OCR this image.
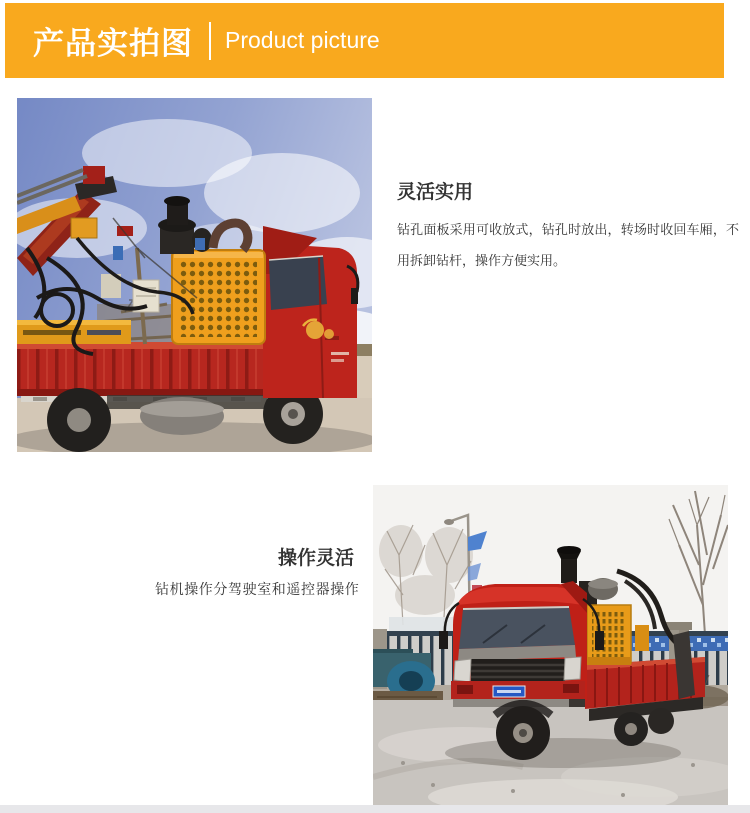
产品实拍图 Product picture
灵活实用

钻孔面板采用可收放式，钻孔时放出，转场时收回车厢，不用拆卸钻杆，操作方便实用。

操作灵活

钻机操作分驾驶室和遥控器操作
